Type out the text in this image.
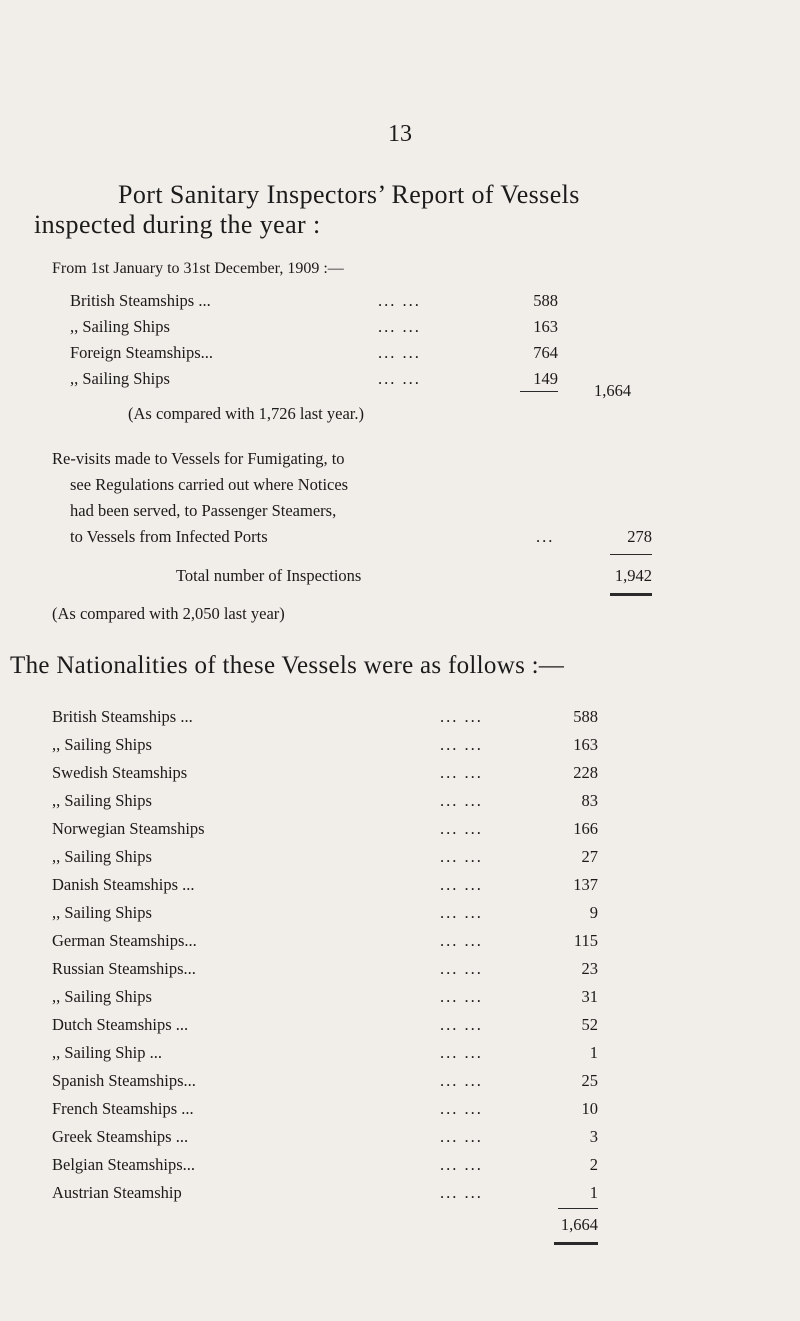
13
Port Sanitary Inspectors’ Report of Vessels
inspected during the year :
From 1st January to 31st December, 1909 :—
British Steamships ...	... ...	588
,, Sailing Ships	... ...	163
Foreign Steamships...	... ...	764
,, Sailing Ships	... ...	149
1,664
(As compared with 1,726 last year.)
Re-visits made to Vessels for Fumigating, to
see Regulations carried out where Notices
had been served, to Passenger Steamers,
to Vessels from Infected Ports	...	278
Total number of Inspections	1,942
(As compared with 2,050 last year)
The Nationalities of these Vessels were as follows :—
British Steamships ...	... ...	588
,, Sailing Ships	... ...	163
Swedish Steamships	... ...	228
,, Sailing Ships	... ...	83
Norwegian Steamships	... ...	166
,, Sailing Ships	... ...	27
Danish Steamships ...	... ...	137
,, Sailing Ships	... ...	9
German Steamships...	... ...	115
Russian Steamships...	... ...	23
,, Sailing Ships	... ...	31
Dutch Steamships ...	... ...	52
,, Sailing Ship ...	... ...	1
Spanish Steamships...	... ...	25
French Steamships ...	... ...	10
Greek Steamships ...	... ...	3
Belgian Steamships...	... ...	2
Austrian Steamship	... ...	1
1,664
